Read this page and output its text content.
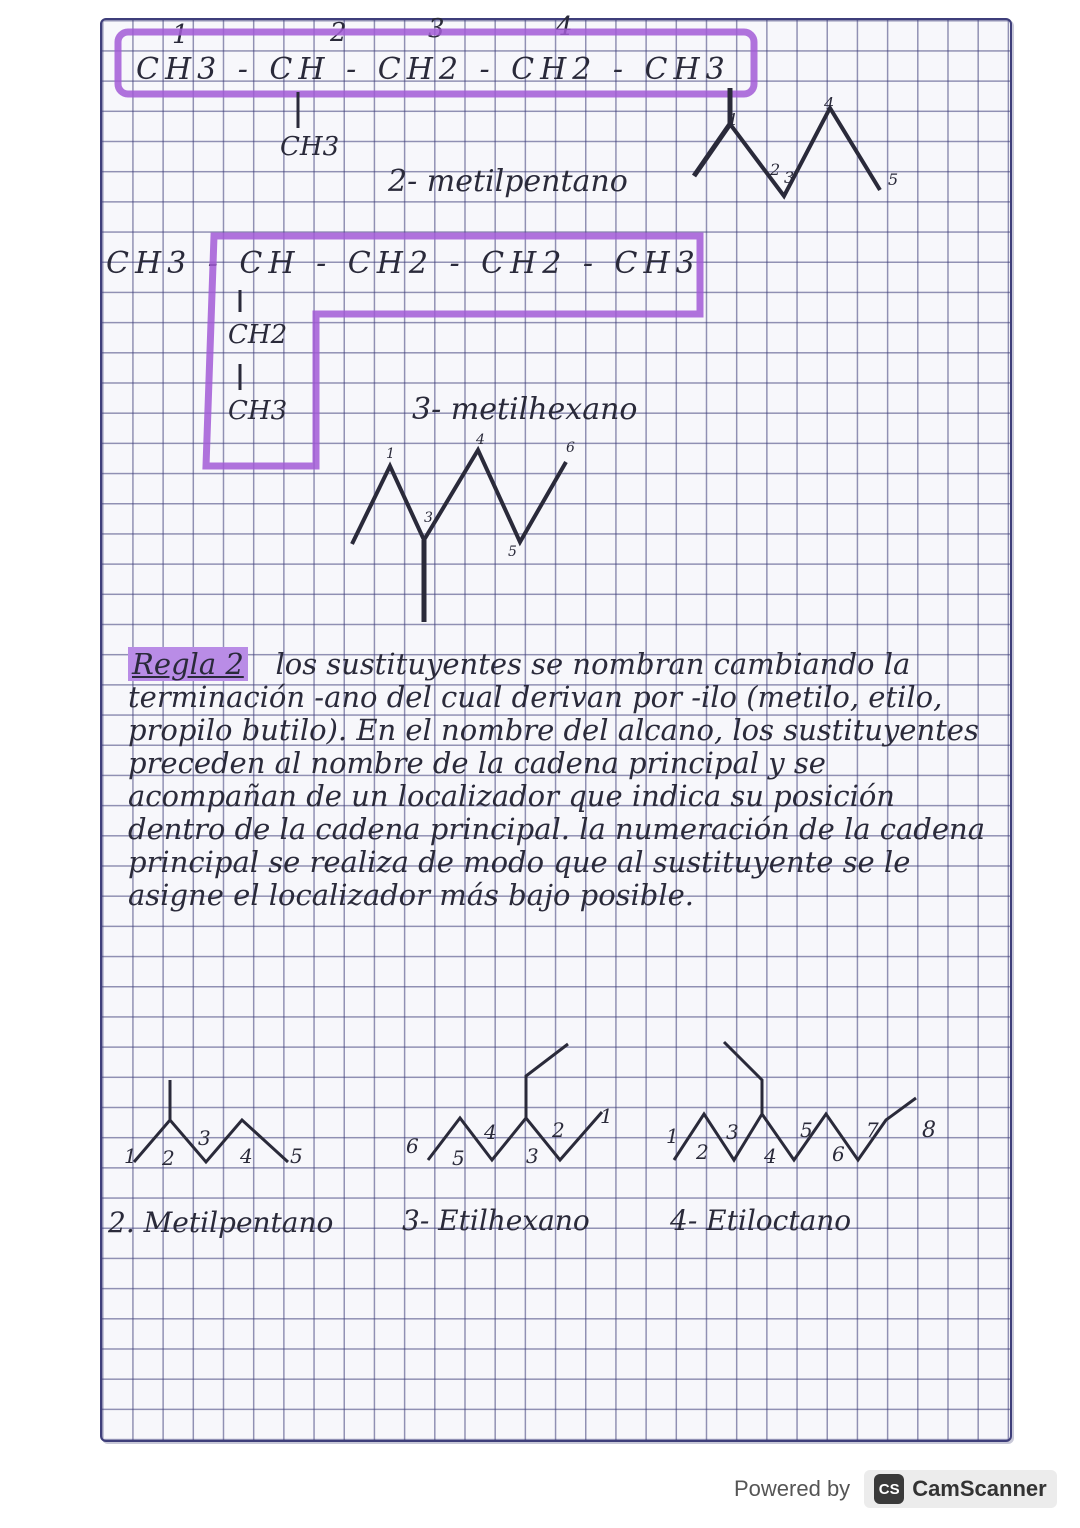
1	2	3	4
CH3 - CH - CH2 - CH2 - CH3
CH3
2- metilpentano
1
2 3
4
5
CH3 - CH - CH2 - CH2 - CH3
CH2
CH3	3- metilhexano
1
3
4
5
6
Regla 2 los sustituyentes se nombran cambiando la terminación -ano del cual derivan por -ilo (metilo, etilo, propilo butilo). En el nombre del alcano, los sustituyentes preceden al nombre de la cadena principal y se acompañan de un localizador que indica su posición dentro de la cadena principal. la numeración de la cadena principal se realiza de modo que al sustituyente se le asigne el localizador más bajo posible.
1 2
3
4 5	6 5
4
3
2
1
1
2
3
4
5
6
7 8
2. Metilpentano 3- Etilhexano	4- Etiloctano
Powered by	CS CamScanner
